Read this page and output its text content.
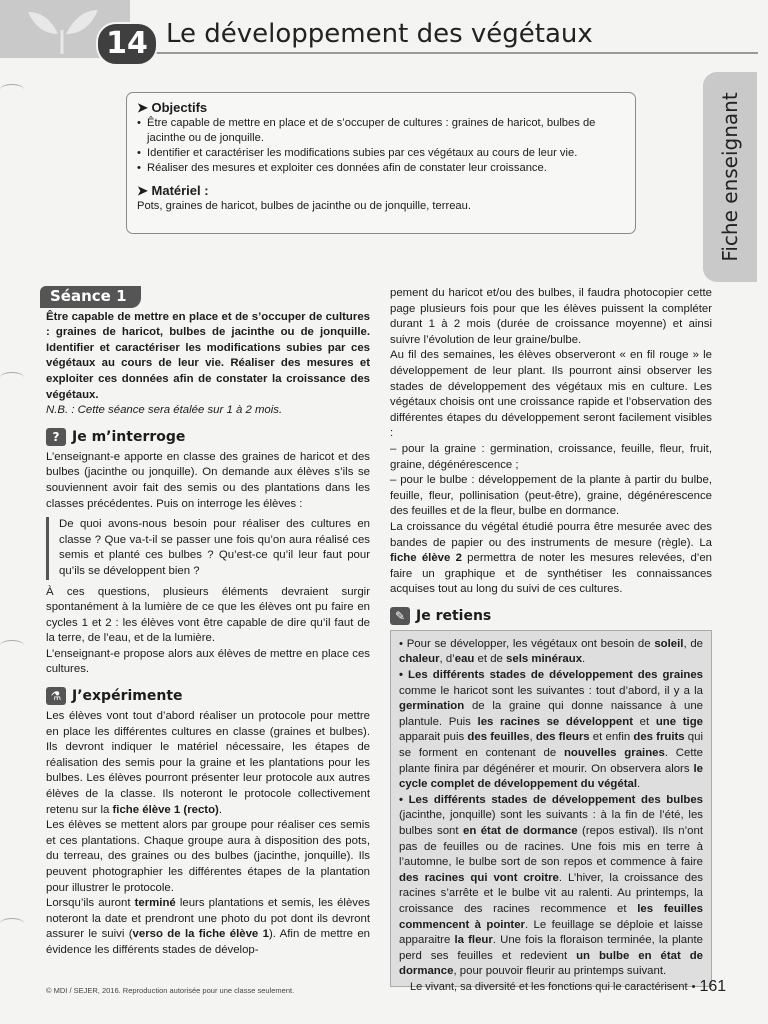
14 Le développement des végétaux
Fiche enseignant

➤ Objectifs

• Être capable de mettre en place et de s’occuper de cultures : graines de haricot, bulbes de jacinthe ou de jonquille.
• Identifier et caractériser les modifications subies par ces végétaux au cours de leur vie.
• Réaliser des mesures et exploiter ces données afin de constater leur croissance.

➤ Matériel :

Pots, graines de haricot, bulbes de jacinthe ou de jonquille, terreau.

Séance 1

Être capable de mettre en place et de s’occuper de cultures : graines de haricot, bulbes de jacinthe ou de jonquille. Identifier et caractériser les modifications subies par ces végétaux au cours de leur vie. Réaliser des mesures et exploiter ces données afin de constater la croissance des végétaux.

N.B. : Cette séance sera étalée sur 1 à 2 mois.

? Je m’interroge

L’enseignant-e apporte en classe des graines de haricot et des bulbes (jacinthe ou jonquille). On demande aux élèves s’ils se souviennent avoir fait des semis ou des plantations dans les classes précédentes. Puis on interroge les élèves :

De quoi avons-nous besoin pour réaliser des cultures en classe ? Que va-t-il se passer une fois qu’on aura réalisé ces semis et planté ces bulbes ? Qu’est-ce qu’il leur faut pour qu’ils se développent bien ?

À ces questions, plusieurs éléments devraient surgir spontanément à la lumière de ce que les élèves ont pu faire en cycles 1 et 2 : les élèves vont être capable de dire qu’il faut de la terre, de l’eau, et de la lumière.

L’enseignant-e propose alors aux élèves de mettre en place ces cultures.

⚗ J’expérimente

Les élèves vont tout d’abord réaliser un protocole pour mettre en place les différentes cultures en classe (graines et bulbes). Ils devront indiquer le matériel nécessaire, les étapes de réalisation des semis pour la graine et les plantations pour les bulbes. Les élèves pourront présenter leur protocole aux autres élèves de la classe. Ils noteront le protocole collectivement retenu sur la fiche élève 1 (recto).

Les élèves se mettent alors par groupe pour réaliser ces semis et ces plantations. Chaque groupe aura à disposition des pots, du terreau, des graines ou des bulbes (jacinthe, jonquille). Ils peuvent photographier les différentes étapes de la plantation pour illustrer le protocole.

Lorsqu’ils auront terminé leurs plantations et semis, les élèves noteront la date et prendront une photo du pot dont ils devront assurer le suivi (verso de la fiche élève 1). Afin de mettre en évidence les différents stades de dévelop-

pement du haricot et/ou des bulbes, il faudra photocopier cette page plusieurs fois pour que les élèves puissent la compléter durant 1 à 2 mois (durée de croissance moyenne) et ainsi suivre l’évolution de leur graine/bulbe.

Au fil des semaines, les élèves observeront « en fil rouge » le développement de leur plant. Ils pourront ainsi observer les stades de développement des végétaux mis en culture. Les végétaux choisis ont une croissance rapide et l’observation des différentes étapes du développement seront facilement visibles :

– pour la graine : germination, croissance, feuille, fleur, fruit, graine, dégénérescence ;

– pour le bulbe : développement de la plante à partir du bulbe, feuille, fleur, pollinisation (peut-être), graine, dégénérescence des feuilles et de la fleur, bulbe en dormance.

La croissance du végétal étudié pourra être mesurée avec des bandes de papier ou des instruments de mesure (règle). La fiche élève 2 permettra de noter les mesures relevées, d’en faire un graphique et de synthétiser les connaissances acquises tout au long du suivi de ces cultures.

✎ Je retiens

• Pour se développer, les végétaux ont besoin de soleil, de chaleur, d’eau et de sels minéraux.

• Les différents stades de développement des graines comme le haricot sont les suivantes : tout d’abord, il y a la germination de la graine qui donne naissance à une plantule. Puis les racines se développent et une tige apparait puis des feuilles, des fleurs et enfin des fruits qui se forment en contenant de nouvelles graines. Cette plante finira par dégénérer et mourir. On observera alors le cycle complet de développement du végétal.

• Les différents stades de développement des bulbes (jacinthe, jonquille) sont les suivants : à la fin de l’été, les bulbes sont en état de dormance (repos estival). Ils n’ont pas de feuilles ou de racines. Une fois mis en terre à l’automne, le bulbe sort de son repos et commence à faire des racines qui vont croitre. L’hiver, la croissance des racines s’arrête et le bulbe vit au ralenti. Au printemps, la croissance des racines recommence et les feuilles commencent à pointer. Le feuillage se déploie et laisse apparaitre la fleur. Une fois la floraison terminée, la plante perd ses feuilles et redevient un bulbe en état de dormance, pour pouvoir fleurir au printemps suivant.

© MDI / SEJER, 2016. Reproduction autorisée pour une classe seulement.	Le vivant, sa diversité et les fonctions qui le caractérisent • 161
